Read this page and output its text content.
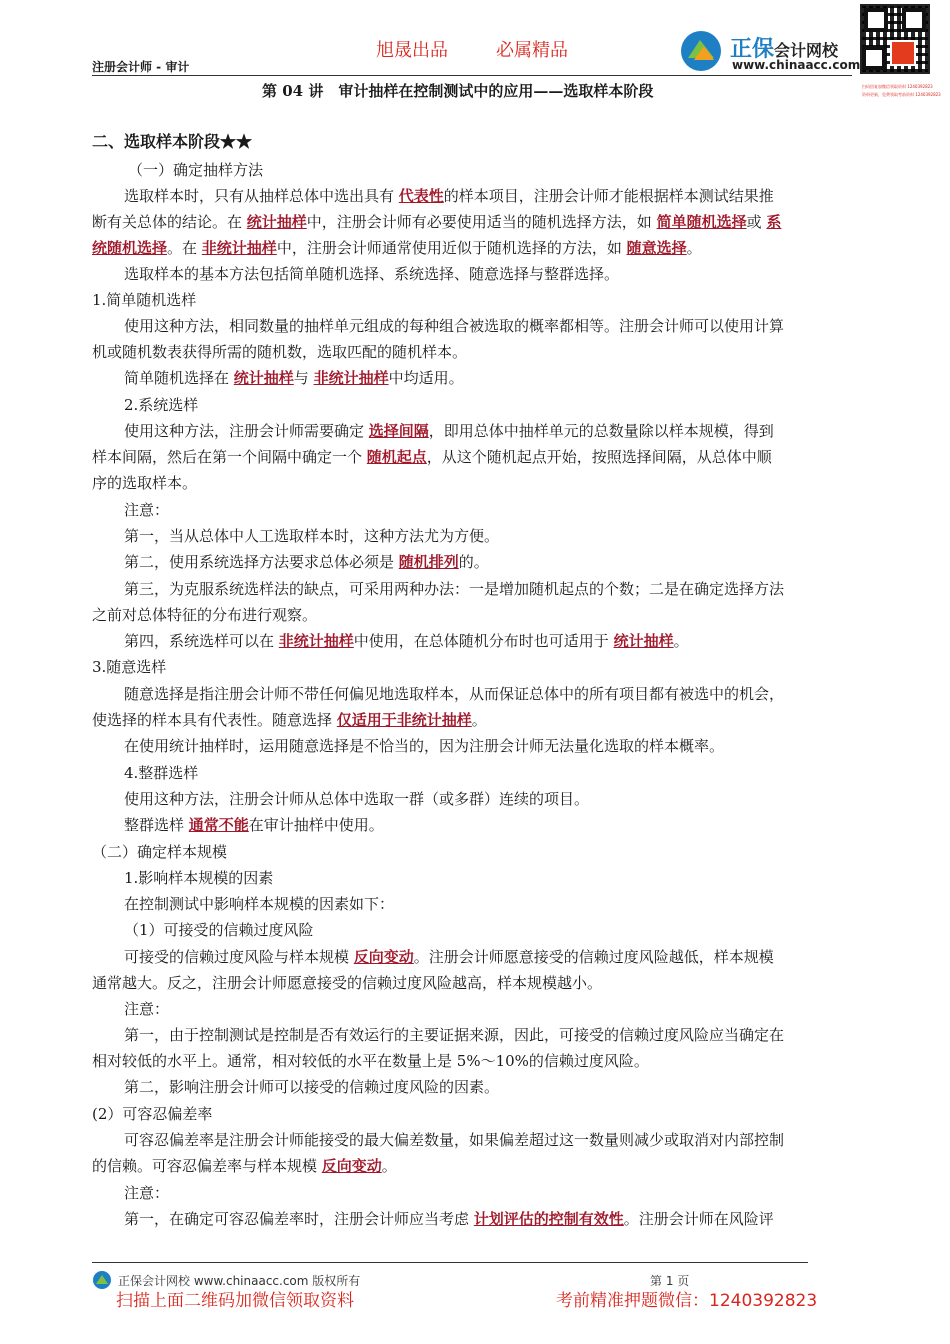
旭晟出品	必属精品
注册会计师 - 审计
正保会计网校
www.chinaacc.com
扫码回复加微信领取资料 1240392823
资料更新，免费领取考前资料 1240392823
第 04 讲　审计抽样在控制测试中的应用——选取样本阶段
二、选取样本阶段★★
（一）确定抽样方法
选取样本时，只有从抽样总体中选出具有 代表性的样本项目，注册会计师才能根据样本测试结果推
断有关总体的结论。在 统计抽样中，注册会计师有必要使用适当的随机选择方法，如 简单随机选择或 系
统随机选择。在 非统计抽样中，注册会计师通常使用近似于随机选择的方法，如 随意选择。
选取样本的基本方法包括简单随机选择、系统选择、随意选择与整群选择。
1.简单随机选样
使用这种方法，相同数量的抽样单元组成的每种组合被选取的概率都相等。注册会计师可以使用计算
机或随机数表获得所需的随机数，选取匹配的随机样本。
简单随机选择在 统计抽样与 非统计抽样中均适用。
2.系统选样
使用这种方法，注册会计师需要确定 选择间隔，即用总体中抽样单元的总数量除以样本规模，得到
样本间隔，然后在第一个间隔中确定一个 随机起点，从这个随机起点开始，按照选择间隔，从总体中顺
序的选取样本。
注意：
第一，当从总体中人工选取样本时，这种方法尤为方便。
第二，使用系统选择方法要求总体必须是 随机排列的。
第三，为克服系统选样法的缺点，可采用两种办法：一是增加随机起点的个数；二是在确定选择方法
之前对总体特征的分布进行观察。
第四，系统选样可以在 非统计抽样中使用，在总体随机分布时也可适用于 统计抽样。
3.随意选样
随意选择是指注册会计师不带任何偏见地选取样本，从而保证总体中的所有项目都有被选中的机会，
使选择的样本具有代表性。随意选择 仅适用于非统计抽样。
在使用统计抽样时，运用随意选择是不恰当的，因为注册会计师无法量化选取的样本概率。
4.整群选样
使用这种方法，注册会计师从总体中选取一群（或多群）连续的项目。
整群选样 通常不能在审计抽样中使用。
（二）确定样本规模
1.影响样本规模的因素
在控制测试中影响样本规模的因素如下：
（1）可接受的信赖过度风险
可接受的信赖过度风险与样本规模 反向变动。注册会计师愿意接受的信赖过度风险越低，样本规模
通常越大。反之，注册会计师愿意接受的信赖过度风险越高，样本规模越小。
注意：
第一，由于控制测试是控制是否有效运行的主要证据来源，因此，可接受的信赖过度风险应当确定在
相对较低的水平上。通常，相对较低的水平在数量上是 5%～10%的信赖过度风险。
第二，影响注册会计师可以接受的信赖过度风险的因素。
(2）可容忍偏差率
可容忍偏差率是注册会计师能接受的最大偏差数量，如果偏差超过这一数量则减少或取消对内部控制
的信赖。可容忍偏差率与样本规模 反向变动。
注意：
第一，在确定可容忍偏差率时，注册会计师应当考虑 计划评估的控制有效性。注册会计师在风险评
正保会计网校 www.chinaacc.com 版权所有	第 1 页
扫描上面二维码加微信领取资料	考前精准押题微信：1240392823
